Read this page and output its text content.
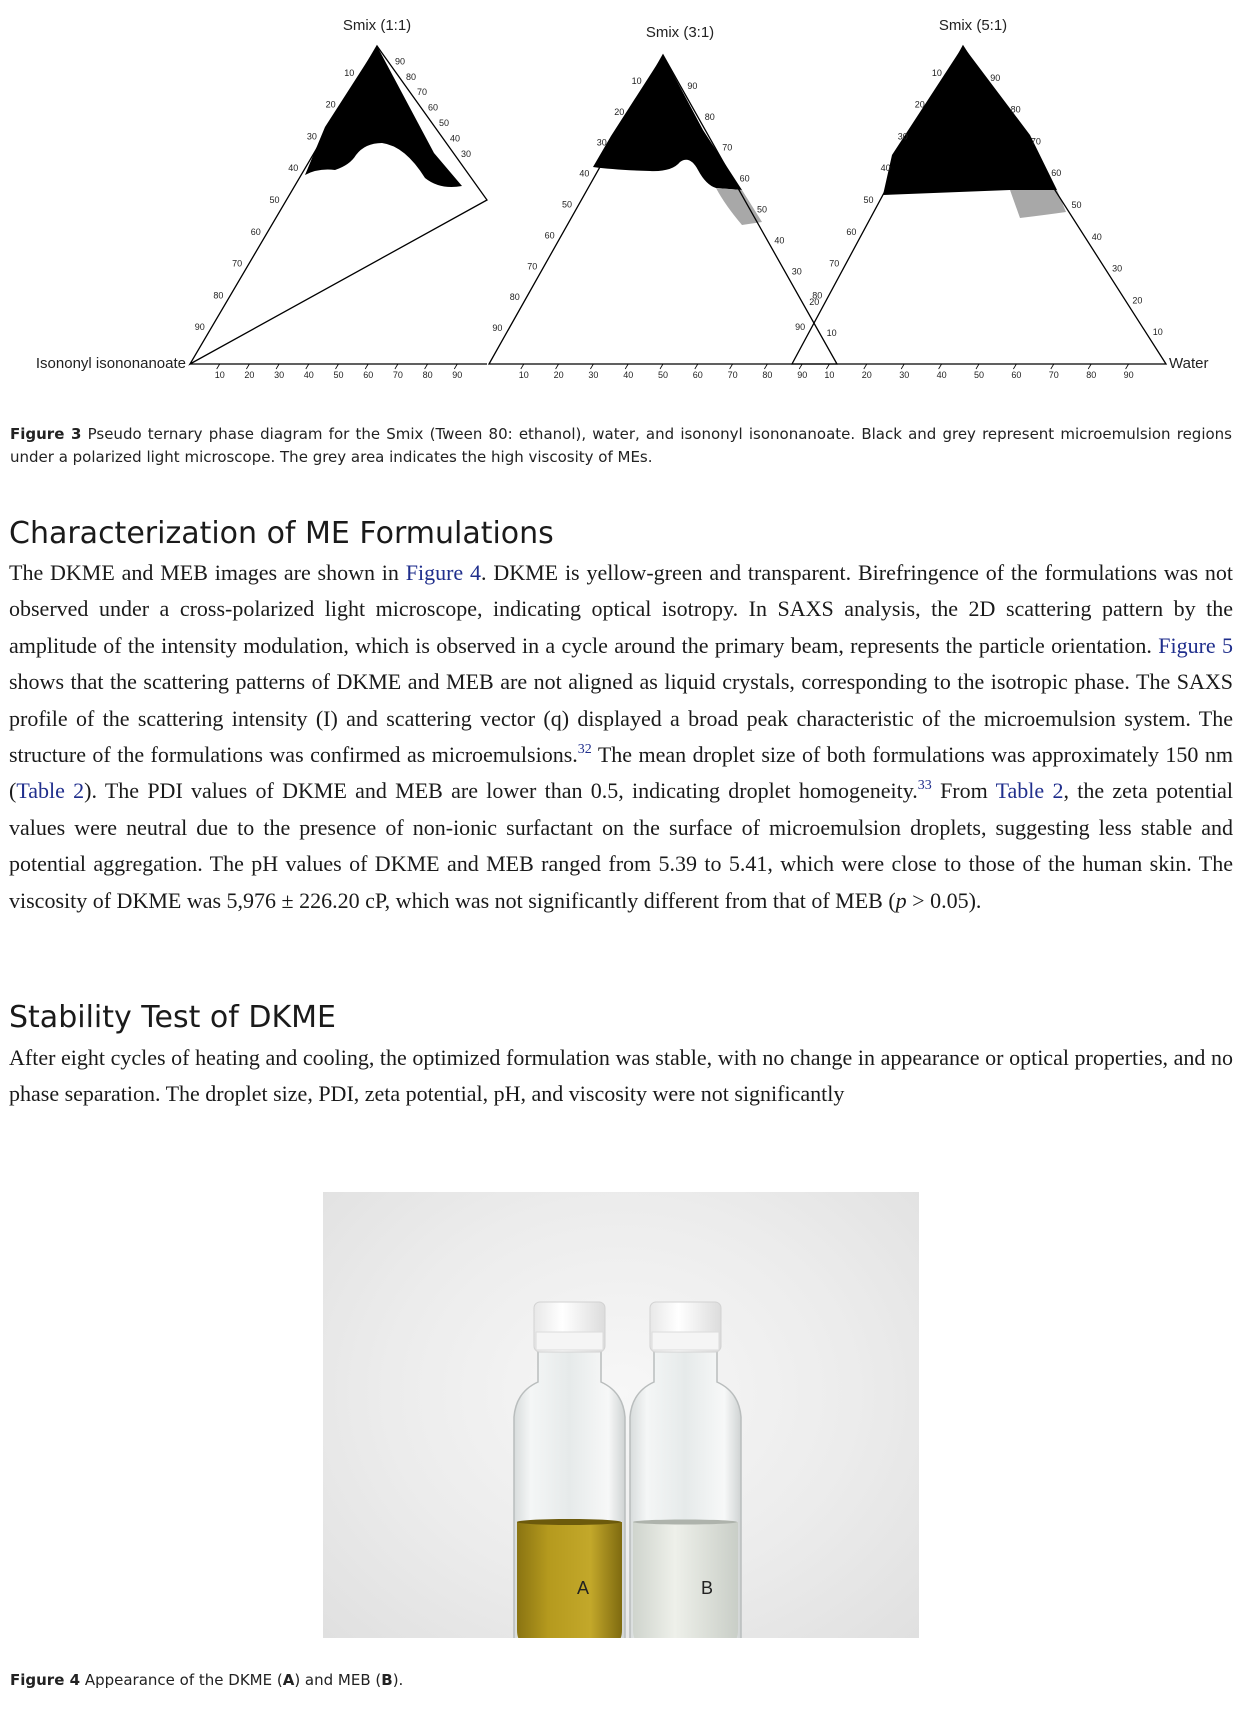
Smix (1:1)
10
20
30
40
50
60
70
80
90
90
80
70
60
50
40
30
10 20 30 40 50 60 70 80 90
Smix (3:1)
10
20
30
40
50
60
70
80
90
90
80
70
60
50
40
30
20
10
10	20	30	40	50	60	70	80	90
Smix (5:1)
10
20
30
40
50
60
70
80
90
90
80
70
60
50
40
30
20
10
10	20	30	40	50	60	70	80	90
Isononyl isononanoate	Water
Figure 3 Pseudo ternary phase diagram for the Smix (Tween 80: ethanol), water, and isononyl isononanoate. Black and grey represent microemulsion regions under a polarized light microscope. The grey area indicates the high viscosity of MEs.
Characterization of ME Formulations

The DKME and MEB images are shown in Figure 4. DKME is yellow-green and transparent. Birefringence of the formulations was not observed under a cross-polarized light microscope, indicating optical isotropy. In SAXS analysis, the 2D scattering pattern by the amplitude of the intensity modulation, which is observed in a cycle around the primary beam, represents the particle orientation. Figure 5 shows that the scattering patterns of DKME and MEB are not aligned as liquid crystals, corresponding to the isotropic phase. The SAXS profile of the scattering intensity (I) and scattering vector (q) displayed a broad peak characteristic of the microemulsion system. The structure of the formulations was confirmed as microemulsions.$^{32}$ The mean droplet size of both formulations was approximately 150 nm (Table 2). The PDI values of DKME and MEB are lower than 0.5, indicating droplet homogeneity.$^{33}$ From Table 2, the zeta potential values were neutral due to the presence of non-ionic surfactant on the surface of microemulsion droplets, suggesting less stable and potential aggregation. The pH values of DKME and MEB ranged from 5.39 to 5.41, which were close to those of the human skin. The viscosity of DKME was 5,976 ± 226.20 cP, which was not significantly different from that of MEB (p > 0.05).

Stability Test of DKME

After eight cycles of heating and cooling, the optimized formulation was stable, with no change in appearance or optical properties, and no phase separation. The droplet size, PDI, zeta potential, pH, and viscosity were not significantly

A	B
Figure 4 Appearance of the DKME (A) and MEB (B).
